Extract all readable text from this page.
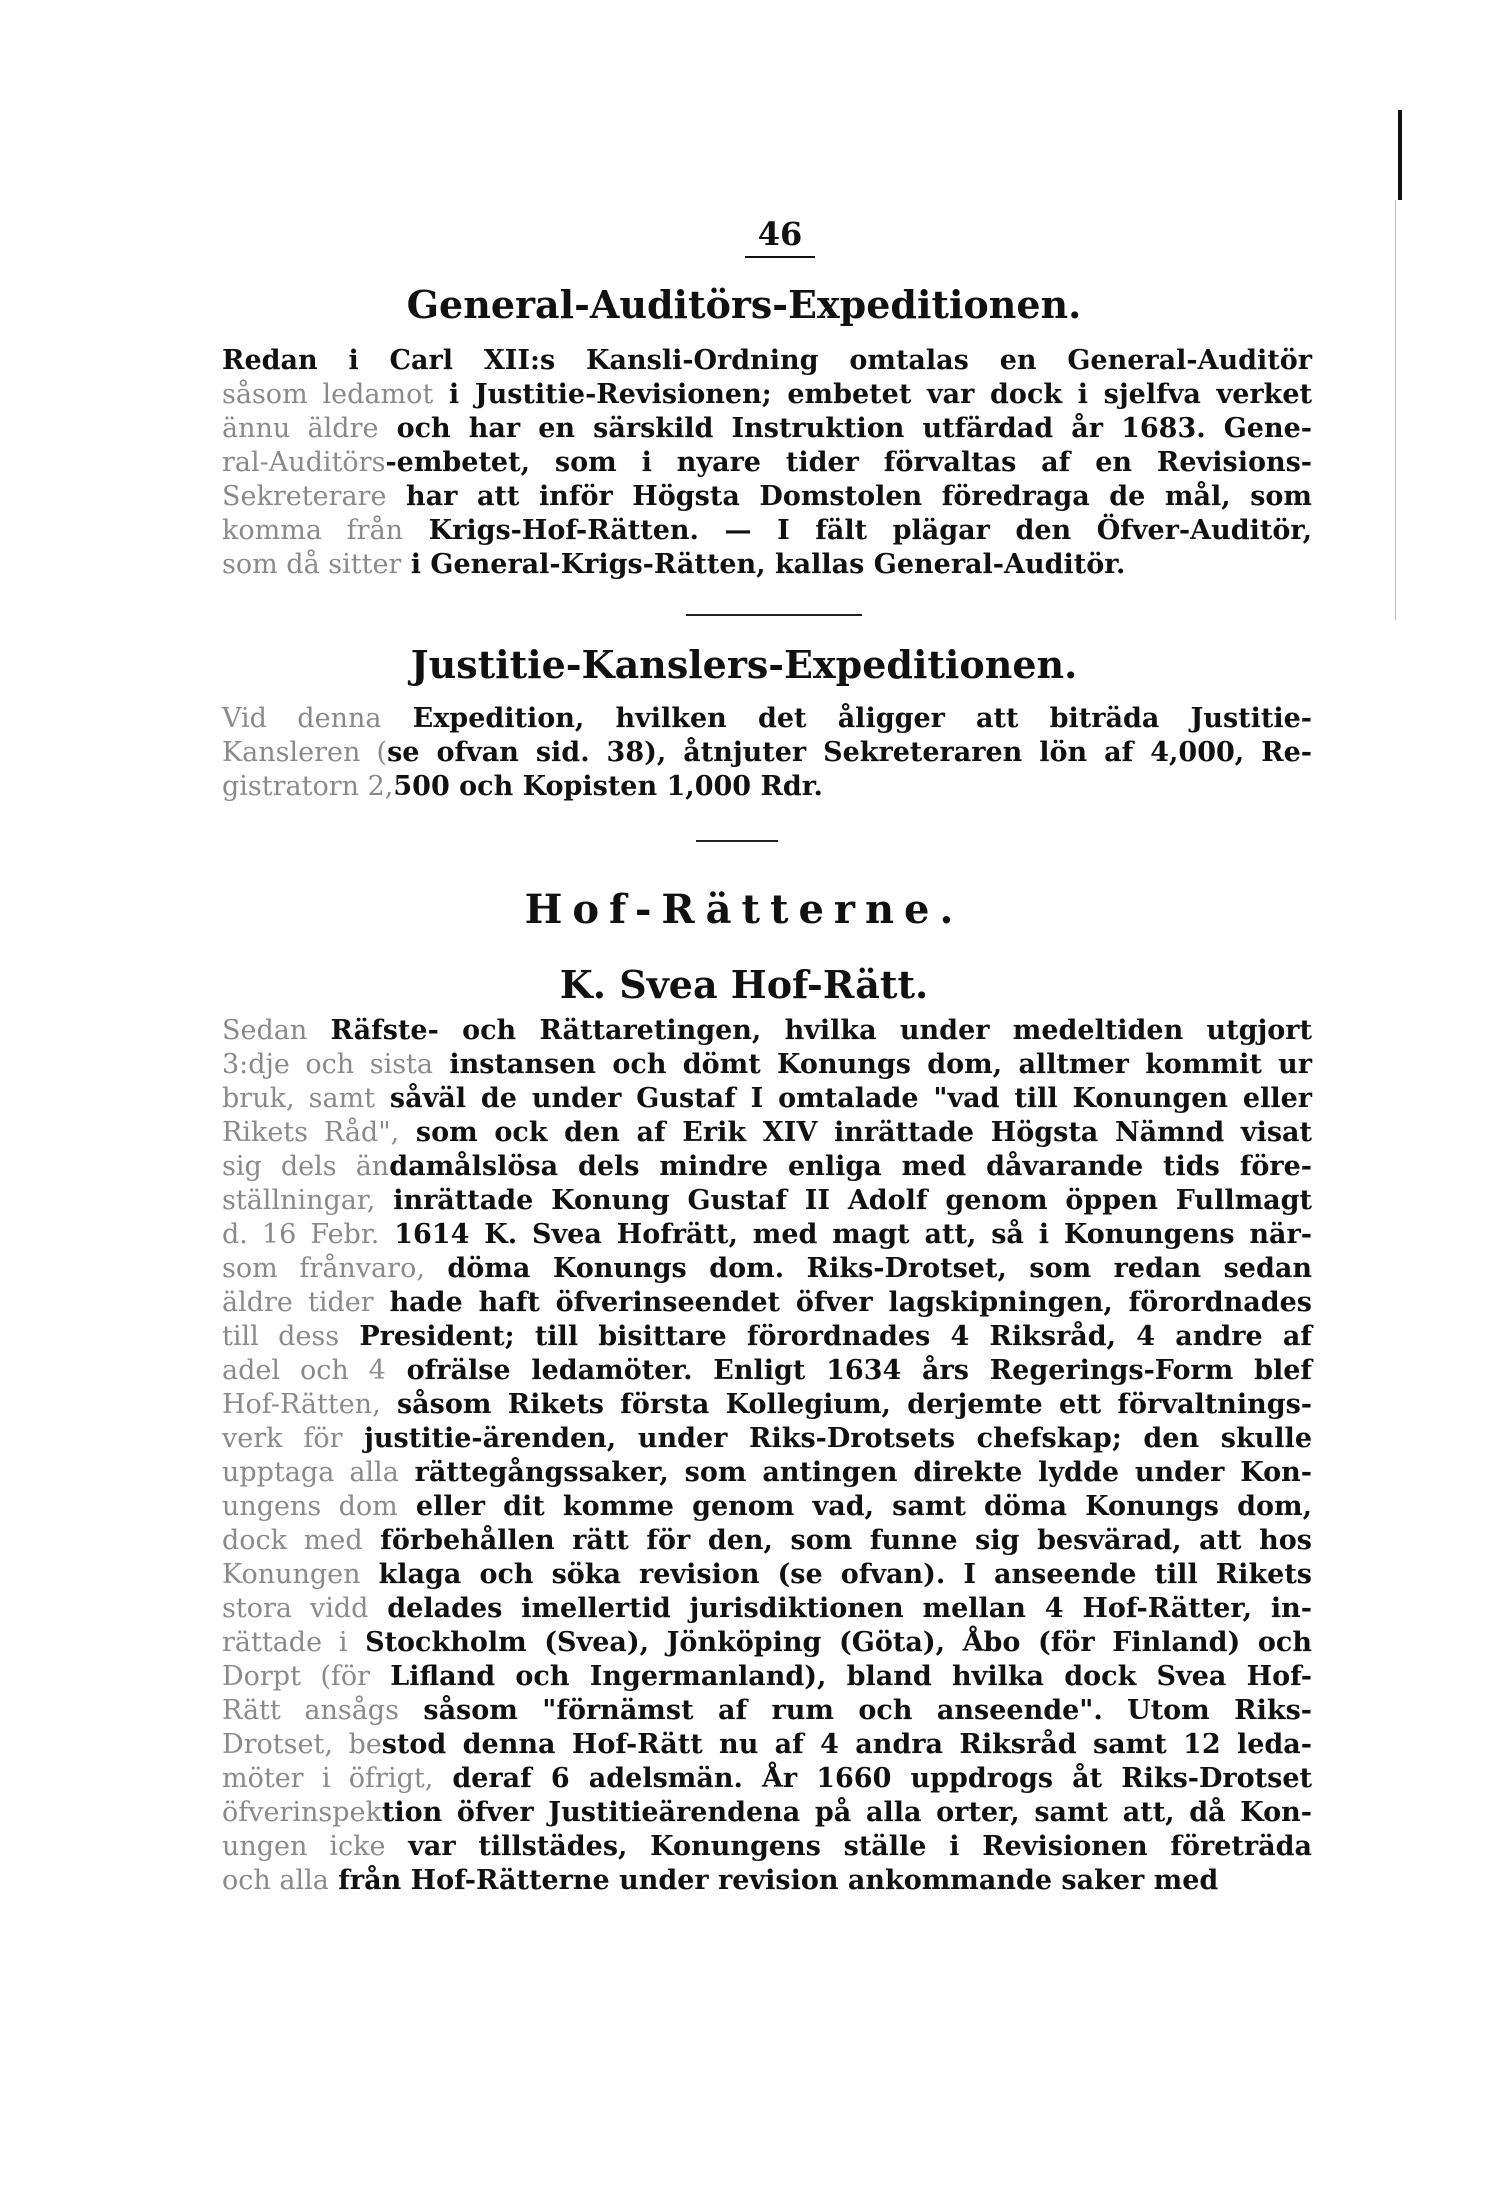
46
General-Auditörs-Expeditionen.
Redan i Carl XII:s Kansli-Ordning omtalas en General-Auditör
såsom ledamot i Justitie-Revisionen; embetet var dock i sjelfva verket
ännu äldre och har en särskild Instruktion utfärdad år 1683. Gene-
ral-Auditörs-embetet, som i nyare tider förvaltas af en Revisions-
Sekreterare har att inför Högsta Domstolen föredraga de mål, som
komma från Krigs-Hof-Rätten. — I fält plägar den Öfver-Auditör,
som då sitter i General-Krigs-Rätten, kallas General-Auditör.
Justitie-Kanslers-Expeditionen.
Vid denna Expedition, hvilken det åligger att biträda Justitie-
Kansleren (se ofvan sid. 38), åtnjuter Sekreteraren lön af 4,000, Re-
gistratorn 2,500 och Kopisten 1,000 Rdr.
Hof-Rätterne.
K. Svea Hof-Rätt.
Sedan Räfste- och Rättaretingen, hvilka under medeltiden utgjort
3:dje och sista instansen och dömt Konungs dom, alltmer kommit ur
bruk, samt såväl de under Gustaf I omtalade "vad till Konungen eller
Rikets Råd", som ock den af Erik XIV inrättade Högsta Nämnd visat
sig dels ändamålslösa dels mindre enliga med dåvarande tids före-
ställningar, inrättade Konung Gustaf II Adolf genom öppen Fullmagt
d. 16 Febr. 1614 K. Svea Hofrätt, med magt att, så i Konungens när-
som frånvaro, döma Konungs dom. Riks-Drotset, som redan sedan
äldre tider hade haft öfverinseendet öfver lagskipningen, förordnades
till dess President; till bisittare förordnades 4 Riksråd, 4 andre af
adel och 4 ofrälse ledamöter. Enligt 1634 års Regerings-Form blef
Hof-Rätten, såsom Rikets första Kollegium, derjemte ett förvaltnings-
verk för justitie-ärenden, under Riks-Drotsets chefskap; den skulle
upptaga alla rättegångssaker, som antingen direkte lydde under Kon-
ungens dom eller dit komme genom vad, samt döma Konungs dom,
dock med förbehållen rätt för den, som funne sig besvärad, att hos
Konungen klaga och söka revision (se ofvan). I anseende till Rikets
stora vidd delades imellertid jurisdiktionen mellan 4 Hof-Rätter, in-
rättade i Stockholm (Svea), Jönköping (Göta), Åbo (för Finland) och
Dorpt (för Lifland och Ingermanland), bland hvilka dock Svea Hof-
Rätt ansågs såsom "förnämst af rum och anseende". Utom Riks-
Drotset, bestod denna Hof-Rätt nu af 4 andra Riksråd samt 12 leda-
möter i öfrigt, deraf 6 adelsmän. År 1660 uppdrogs åt Riks-Drotset
öfverinspektion öfver Justitieärendena på alla orter, samt att, då Kon-
ungen icke var tillstädes, Konungens ställe i Revisionen företräda
och alla från Hof-Rätterne under revision ankommande saker med
